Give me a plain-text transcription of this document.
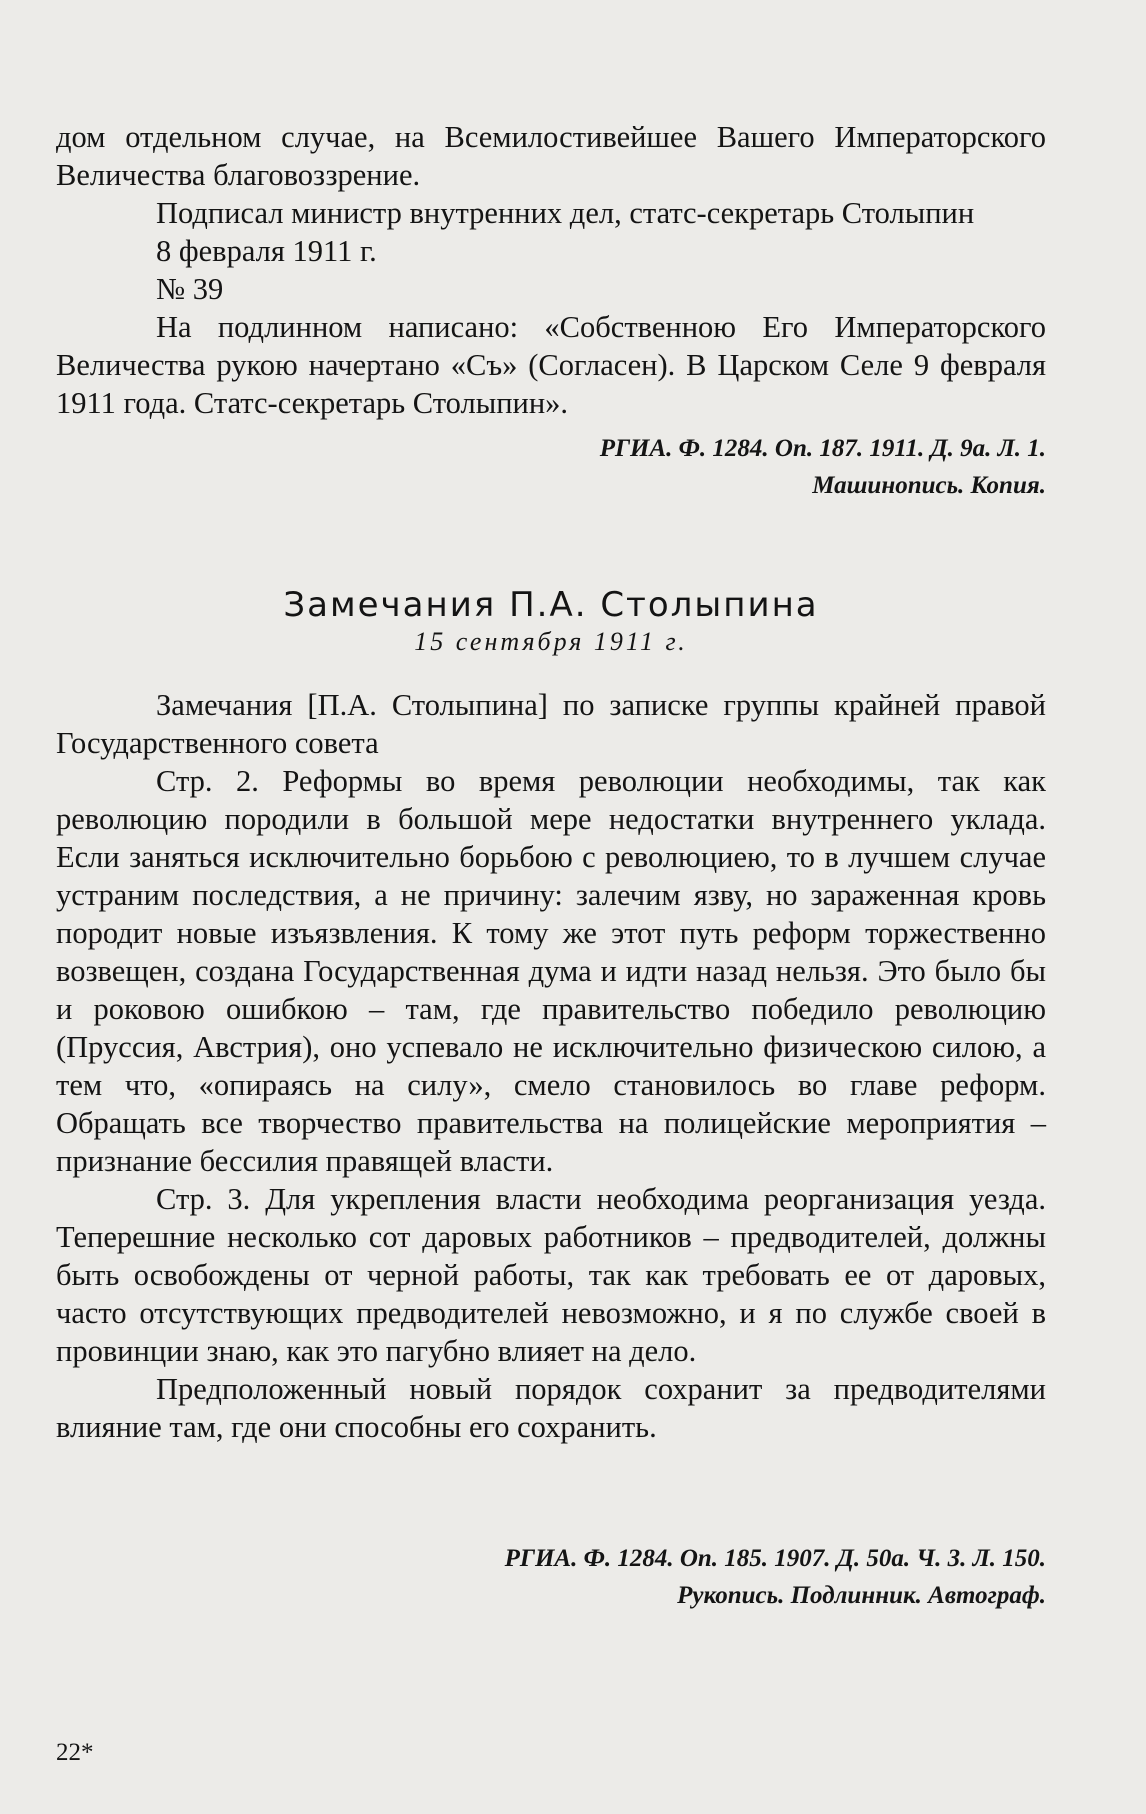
дом отдельном случае, на Всемилостивейшее Вашего Императорского Величества благовоззрение.

Подписал министр внутренних дел, статс-секретарь Столыпин

8 февраля 1911 г.

№ 39

На подлинном написано: «Собственною Его Императорского Величества рукою начертано «Съ» (Согласен). В Царском Селе 9 февраля 1911 года. Статс-секретарь Столыпин».

РГИА. Ф. 1284. Оп. 187. 1911. Д. 9а. Л. 1.

Машинопись. Копия.

Замечания П.А. Столыпина

15 сентября 1911 г.

Замечания [П.А. Столыпина] по записке группы крайней правой Государственного совета

Стр. 2. Реформы во время революции необходимы, так как революцию породили в большой мере недостатки внутреннего уклада. Если заняться исключительно борьбою с революциею, то в лучшем случае устраним последствия, а не причину: залечим язву, но зараженная кровь породит новые изъязвления. К тому же этот путь реформ торжественно возвещен, создана Государственная дума и идти назад нельзя. Это было бы и роковою ошибкою – там, где правительство победило революцию (Пруссия, Австрия), оно успевало не исключительно физическою силою, а тем что, «опираясь на силу», смело становилось во главе реформ. Обращать все творчество правительства на полицейские мероприятия – признание бессилия правящей власти.

Стр. 3. Для укрепления власти необходима реорганизация уезда. Теперешние несколько сот даровых работников – предводителей, должны быть освобождены от черной работы, так как требовать ее от даровых, часто отсутствующих предводителей невозможно, и я по службе своей в провинции знаю, как это пагубно влияет на дело.

Предположенный новый порядок сохранит за предводителями влияние там, где они способны его сохранить.

РГИА. Ф. 1284. Оп. 185. 1907. Д. 50а. Ч. 3. Л. 150.

Рукопись. Подлинник. Автограф.

22*
